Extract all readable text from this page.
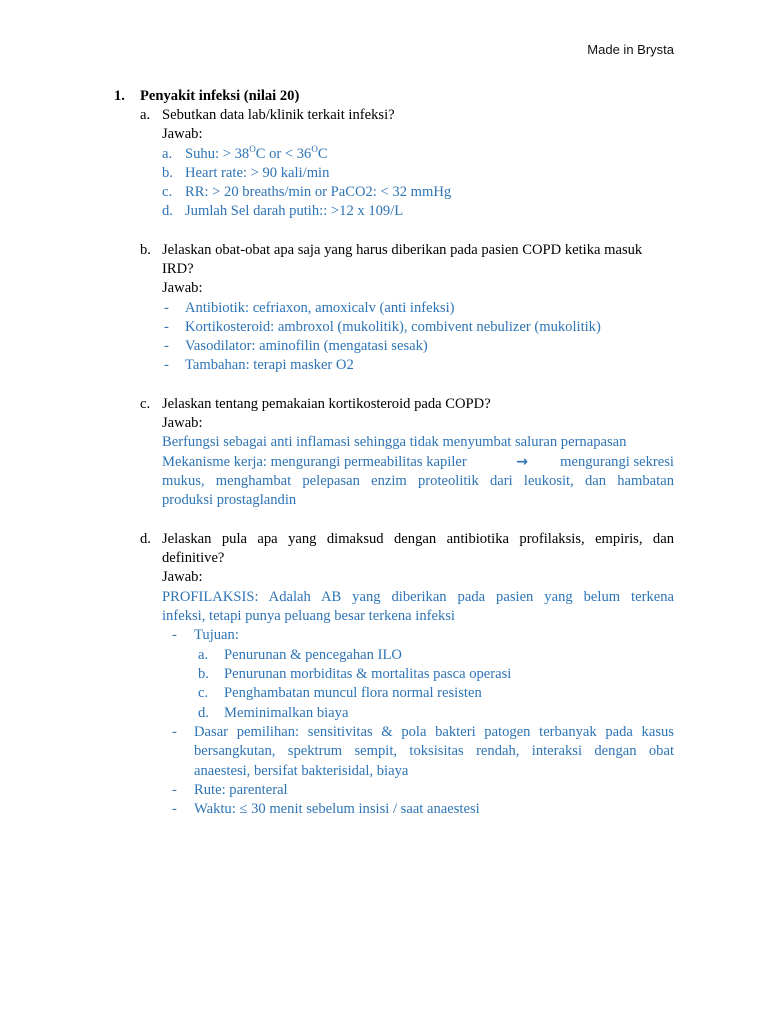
Made in Brysta
1. Penyakit infeksi (nilai 20)
a. Sebutkan data lab/klinik terkait infeksi?
Jawab:
a. Suhu: > $38^OC$ or < $36^OC$
b. Heart rate: > 90 kali/min
c. RR: > 20 breaths/min or PaCO2: < 32 mmHg
d. Jumlah Sel darah putih:: >12 x 109/L
b. Jelaskan obat-obat apa saja yang harus diberikan pada pasien COPD ketika masuk
IRD?
Jawab:
- Antibiotik: cefriaxon, amoxicalv (anti infeksi)
- Kortikosteroid: ambroxol (mukolitik), combivent nebulizer (mukolitik)
- Vasodilator: aminofilin (mengatasi sesak)
- Tambahan: terapi masker O2
c. Jelaskan tentang pemakaian kortikosteroid pada COPD?
Jawab:
Berfungsi sebagai anti inflamasi sehingga tidak menyumbat saluran pernapasan
Mekanisme kerja: mengurangi permeabilitas kapiler	→	mengurangi sekresi
mukus, menghambat pelepasan enzim proteolitik dari leukosit, dan hambatan
produksi prostaglandin
d. Jelaskan pula apa yang dimaksud dengan antibiotika profilaksis, empiris, dan
definitive?
Jawab:
PROFILAKSIS: Adalah AB yang diberikan pada pasien yang belum terkena
infeksi, tetapi punya peluang besar terkena infeksi
- Tujuan:
a. Penurunan & pencegahan ILO
b. Penurunan morbiditas & mortalitas pasca operasi
c. Penghambatan muncul flora normal resisten
d. Meminimalkan biaya
- Dasar pemilihan: sensitivitas & pola bakteri patogen terbanyak pada kasus
bersangkutan, spektrum sempit, toksisitas rendah, interaksi dengan obat
anaestesi, bersifat bakterisidal, biaya
- Rute: parenteral
- Waktu: ≤ 30 menit sebelum insisi / saat anaestesi
